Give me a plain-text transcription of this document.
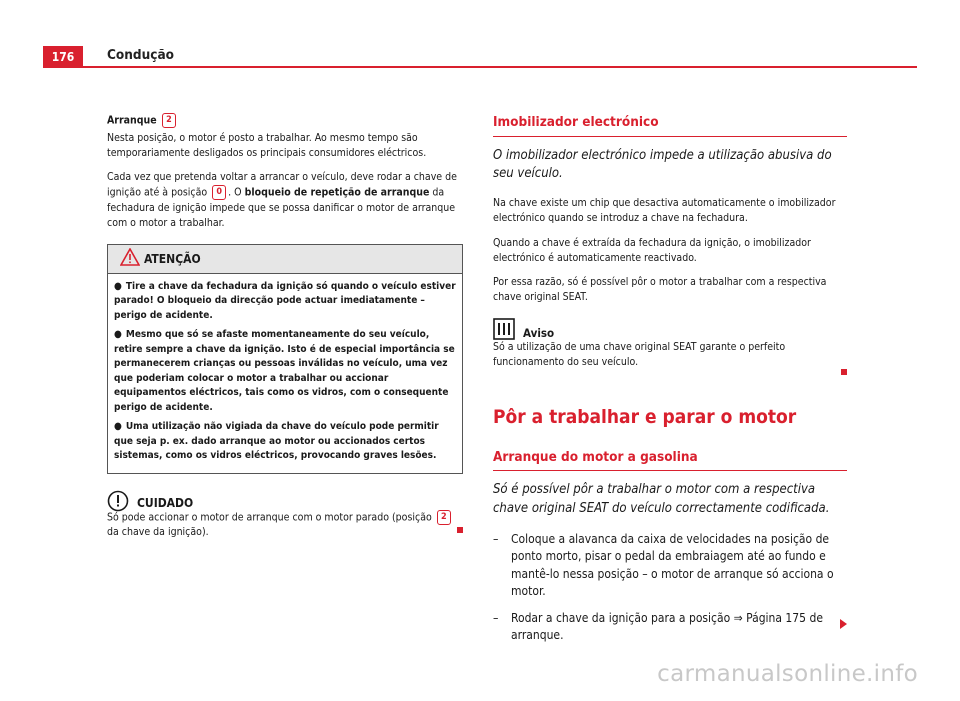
176 Condução
Arranque 2

Nesta posição, o motor é posto a trabalhar. Ao mesmo tempo são temporariamente desligados os principais consumidores eléctricos.

Cada vez que pretenda voltar a arrancar o veículo, deve rodar a chave de ignição até à posição 0 . O bloqueio de repetição de arranque da fechadura de ignição impede que se possa danificar o motor de arranque com o motor a trabalhar.

ATENÇÃO

● Tire a chave da fechadura da ignição só quando o veículo estiver parado! O bloqueio da direcção pode actuar imediatamente – perigo de acidente.

● Mesmo que só se afaste momentaneamente do seu veículo, retire sempre a chave da ignição. Isto é de especial importância se permanecerem crianças ou pessoas inválidas no veículo, uma vez que poderiam colocar o motor a trabalhar ou accionar equipamentos eléctricos, tais como os vidros, com o consequente perigo de acidente.

● Uma utilização não vigiada da chave do veículo pode permitir que seja p. ex. dado arranque ao motor ou accionados certos sistemas, como os vidros eléctricos, provocando graves lesões.

CUIDADO

Só pode accionar o motor de arranque com o motor parado (posição 2 da chave da ignição).

Imobilizador electrónico
O imobilizador electrónico impede a utilização abusiva do seu veículo.

Na chave existe um chip que desactiva automaticamente o imobilizador electrónico quando se introduz a chave na fechadura.

Quando a chave é extraída da fechadura da ignição, o imobilizador electrónico é automaticamente reactivado.

Por essa razão, só é possível pôr o motor a trabalhar com a respectiva chave original SEAT.

Aviso

Só a utilização de uma chave original SEAT garante o perfeito funcionamento do seu veículo.

Pôr a trabalhar e parar o motor
Arranque do motor a gasolina
Só é possível pôr a trabalhar o motor com a respectiva chave original SEAT do veículo correctamente codificada.
–	Coloque a alavanca da caixa de velocidades na posição de ponto morto, pisar o pedal da embraiagem até ao fundo e mantê-lo nessa posição – o motor de arranque só acciona o motor.
–	Rodar a chave da ignição para a posição ⇒ Página 175 de arranque.
carmanualsonline.info
